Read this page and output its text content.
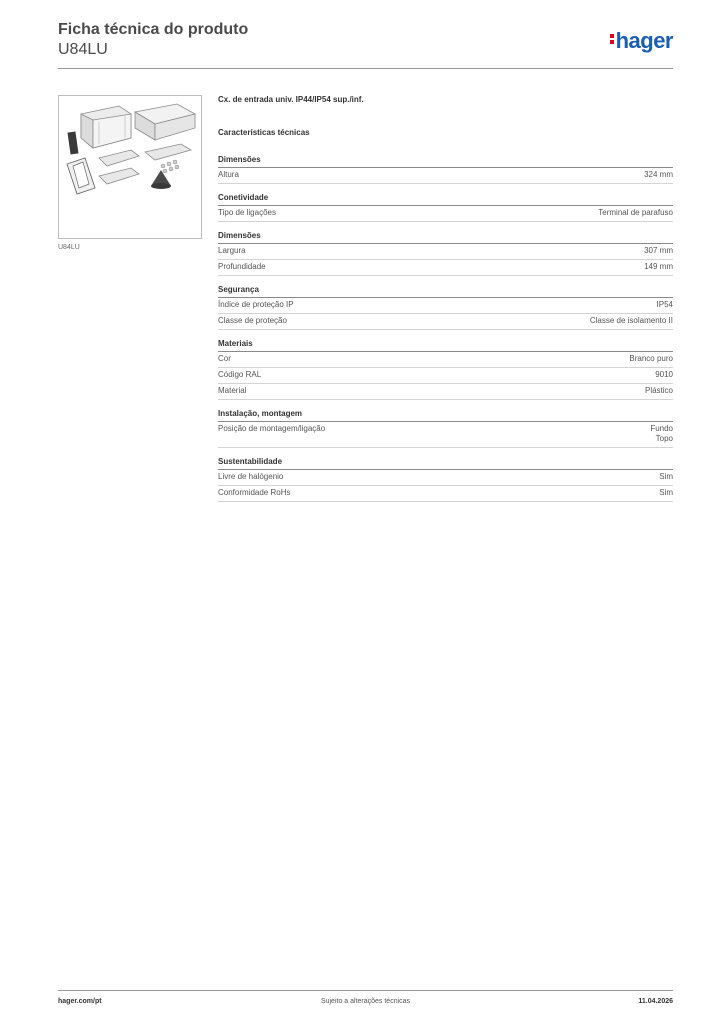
Ficha técnica do produto
U84LU	hager
U84LU
Cx. de entrada univ. IP44/IP54 sup./inf.
Características técnicas
Dimensões
Altura	324 mm
Conetividade
Tipo de ligações	Terminal de parafuso
Dimensões
Largura	307 mm
Profundidade	149 mm
Segurança
Índice de proteção IP	IP54
Classe de proteção	Classe de isolamento II
Materiais
Cor	Branco puro
Código RAL	9010
Material	Plástico
Instalação, montagem
Posição de montagem/ligação	Fundo
Topo
Sustentabilidade
Livre de halógenio	Sim
Conformidade RoHs	Sim
hager.com/pt	Sujeito a alterações técnicas	11.04.2026
